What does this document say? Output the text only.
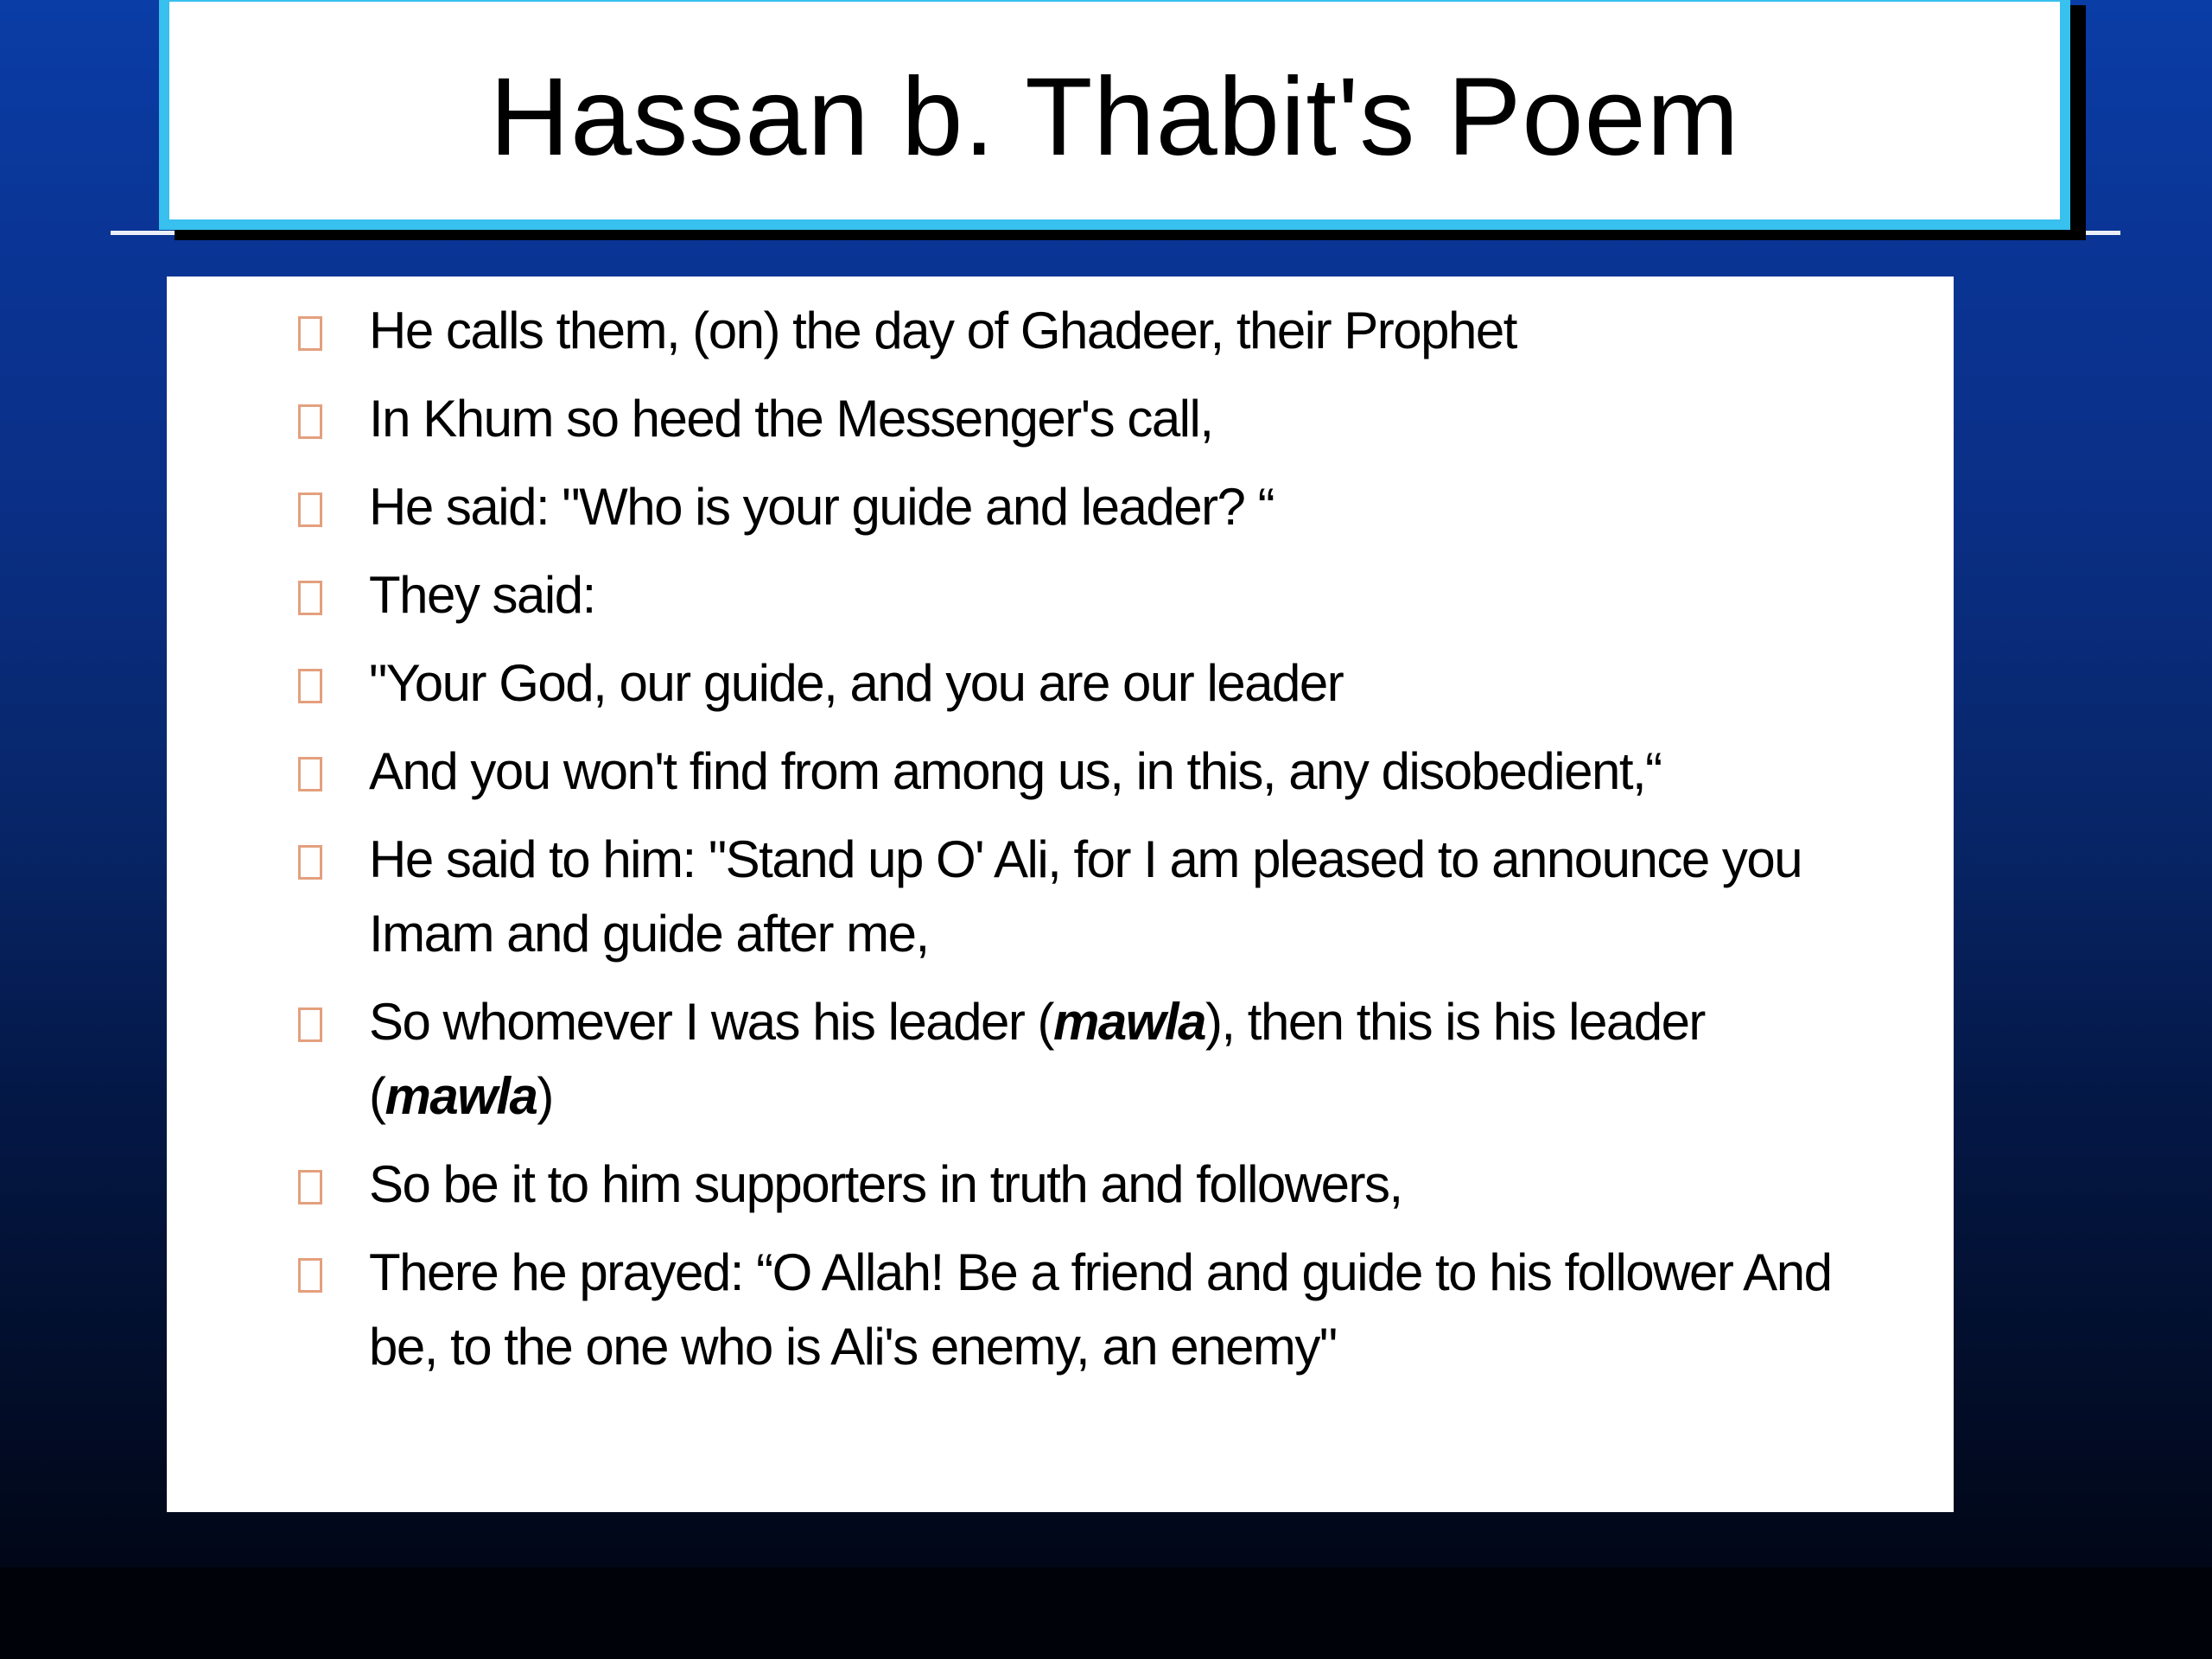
Hassan b. Thabit's Poem
He calls them, (on) the day of Ghadeer, their Prophet
In Khum so heed the Messenger's call,
He said: "Who is your guide and leader? “
They said:
"Your God, our guide, and you are our leader
And you won't find from among us, in this, any disobedient,“
He said to him: "Stand up O' Ali, for I am pleased to announce you Imam and guide after me,
So whomever I was his leader (mawla), then this is his leader (mawla)
So be it to him supporters in truth and followers,
There he prayed: “O Allah! Be a friend and guide to his follower And be, to the one who is Ali's enemy, an enemy"
